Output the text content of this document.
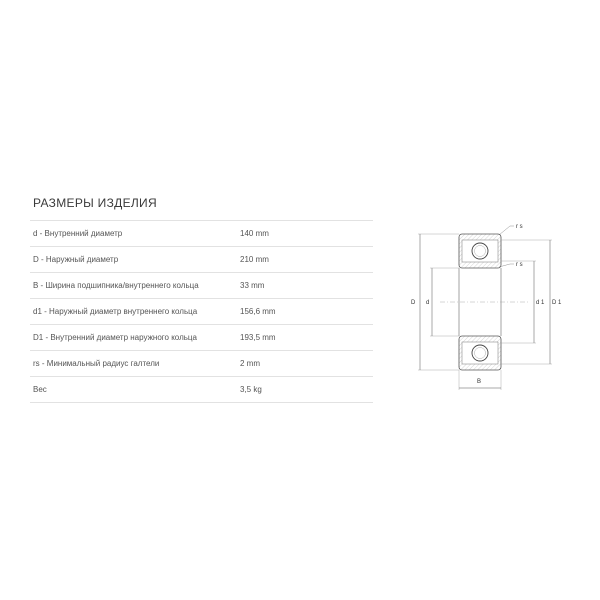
РАЗМЕРЫ ИЗДЕЛИЯ
d - Внутренний диаметр	140 mm
D - Наружный диаметр	210 mm
B - Ширина подшипника/внутреннего кольца	33 mm
d1 - Наружный диаметр внутреннего кольца	156,6 mm
D1 - Внутренний диаметр наружного кольца	193,5 mm
rs - Минимальный радиус галтели	2 mm
Вес	3,5 kg
D d	d 1 D 1
B
r s
r s
